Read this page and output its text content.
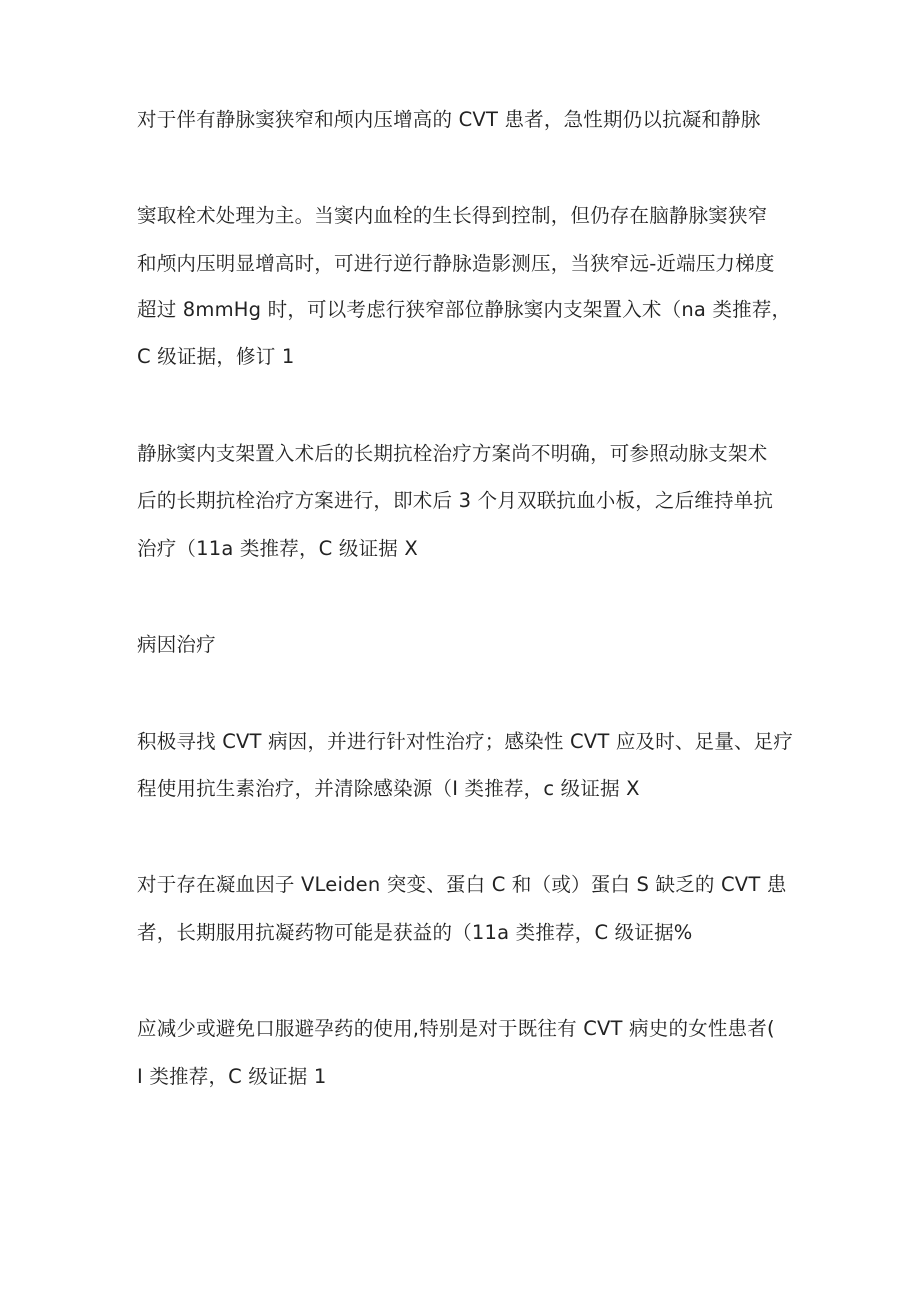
对于伴有静脉窦狭窄和颅内压增高的 CVT 患者，急性期仍以抗凝和静脉
窦取栓术处理为主。当窦内血栓的生长得到控制，但仍存在脑静脉窦狭窄
和颅内压明显增高时，可进行逆行静脉造影测压，当狭窄远-近端压力梯度
超过 8mmHg 时，可以考虑行狭窄部位静脉窦内支架置入术（na 类推荐，
C 级证据，修订 1
静脉窦内支架置入术后的长期抗栓治疗方案尚不明确，可参照动脉支架术
后的长期抗栓治疗方案进行，即术后 3 个月双联抗血小板，之后维持单抗
治疗（11a 类推荐，C 级证据 X
病因治疗
积极寻找 CVT 病因，并进行针对性治疗；感染性 CVT 应及时、足量、足疗
程使用抗生素治疗，并清除感染源（I 类推荐，c 级证据 X
对于存在凝血因子 VLeiden 突变、蛋白 C 和（或）蛋白 S 缺乏的 CVT 患
者，长期服用抗凝药物可能是获益的（11a 类推荐，C 级证据%
应减少或避免口服避孕药的使用,特别是对于既往有 CVT 病史的女性患者(
I 类推荐，C 级证据 1
